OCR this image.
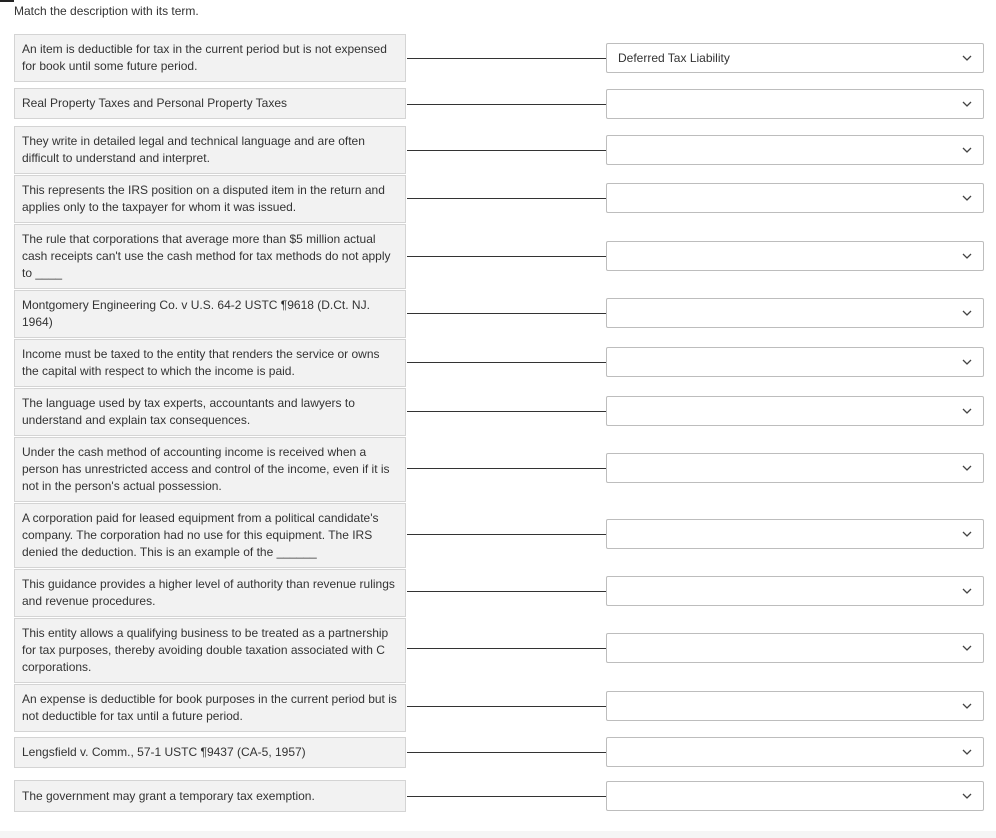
Match the description with its term.
An item is deductible for tax in the current period but is not expensed for book until some future period.
Deferred Tax Liability
Real Property Taxes and Personal Property Taxes
They write in detailed legal and technical language and are often difficult to understand and interpret.
This represents the IRS position on a disputed item in the return and applies only to the taxpayer for whom it was issued.
The rule that corporations that average more than $5 million actual cash receipts can't use the cash method for tax methods do not apply to ____
Montgomery Engineering Co. v U.S. 64-2 USTC ¶9618 (D.Ct. NJ. 1964)
Income must be taxed to the entity that renders the service or owns the capital with respect to which the income is paid.
The language used by tax experts, accountants and lawyers to understand and explain tax consequences.
Under the cash method of accounting income is received when a person has unrestricted access and control of the income, even if it is not in the person's actual possession.
A corporation paid for leased equipment from a political candidate's company. The corporation had no use for this equipment. The IRS denied the deduction. This is an example of the ______
This guidance provides a higher level of authority than revenue rulings and revenue procedures.
This entity allows a qualifying business to be treated as a partnership for tax purposes, thereby avoiding double taxation associated with C corporations.
An expense is deductible for book purposes in the current period but is not deductible for tax until a future period.
Lengsfield v. Comm., 57-1 USTC ¶9437 (CA-5, 1957)
The government may grant a temporary tax exemption.
